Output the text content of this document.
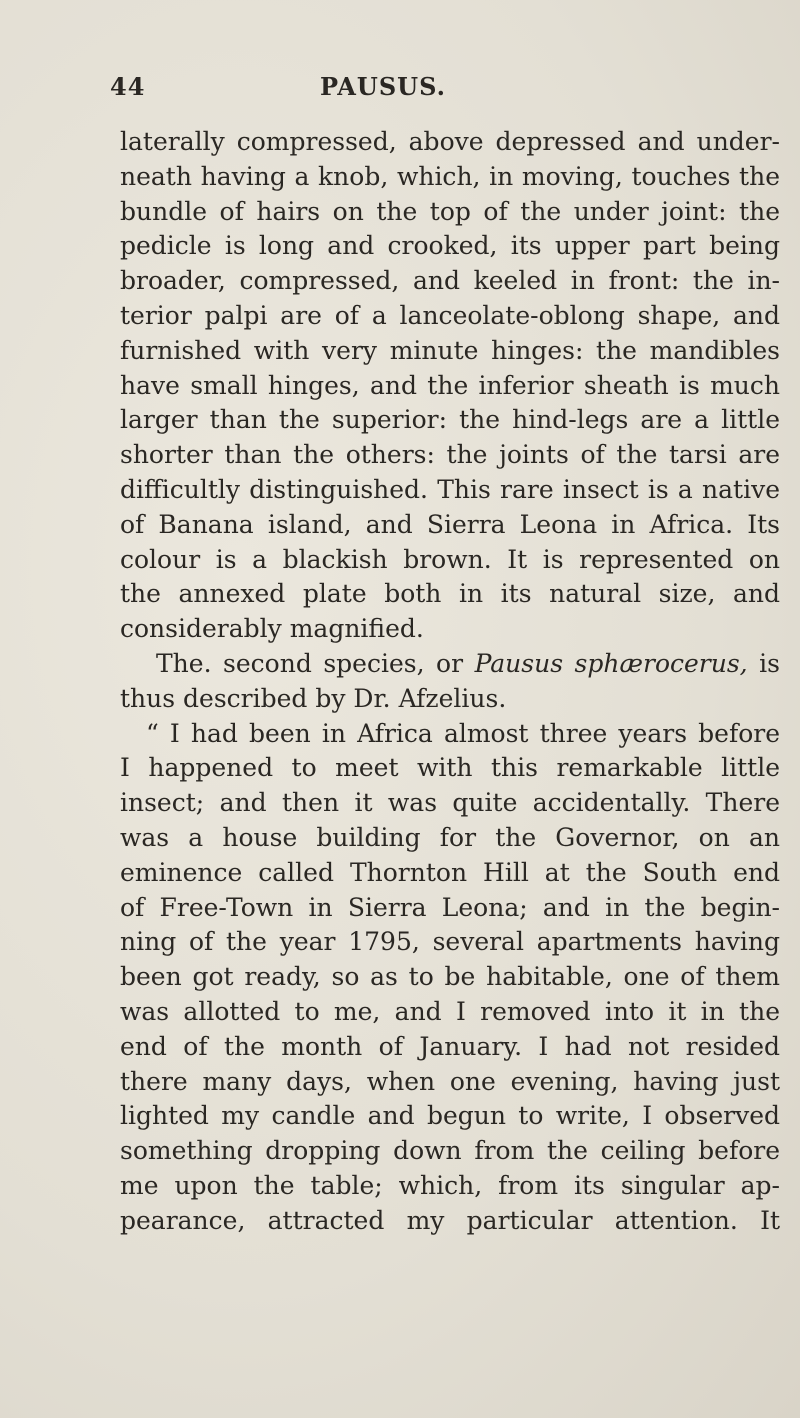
44	PAUSUS.
laterally compressed, above depressed and under-
neath having a knob, which, in moving, touches the
bundle of hairs on the top of the under joint: the
pedicle is long and crooked, its upper part being
broader, compressed, and keeled in front: the in-
terior palpi are of a lanceolate-oblong shape, and
furnished with very minute hinges: the mandibles
have small hinges, and the inferior sheath is much
larger than the superior: the hind-legs are a little
shorter than the others: the joints of the tarsi are
difficultly distinguished. This rare insect is a native
of Banana island, and Sierra Leona in Africa. Its
colour is a blackish brown. It is represented on
the annexed plate both in its natural size, and
considerably magnified.
The. second species, or Pausus sphærocerus, is
thus described by Dr. Afzelius.
“ I had been in Africa almost three years before
I happened to meet with this remarkable little
insect; and then it was quite accidentally. There
was a house building for the Governor, on an
eminence called Thornton Hill at the South end
of Free-Town in Sierra Leona; and in the begin-
ning of the year 1795, several apartments having
been got ready, so as to be habitable, one of them
was allotted to me, and I removed into it in the
end of the month of January. I had not resided
there many days, when one evening, having just
lighted my candle and begun to write, I observed
something dropping down from the ceiling before
me upon the table; which, from its singular ap-
pearance, attracted my particular attention. It
